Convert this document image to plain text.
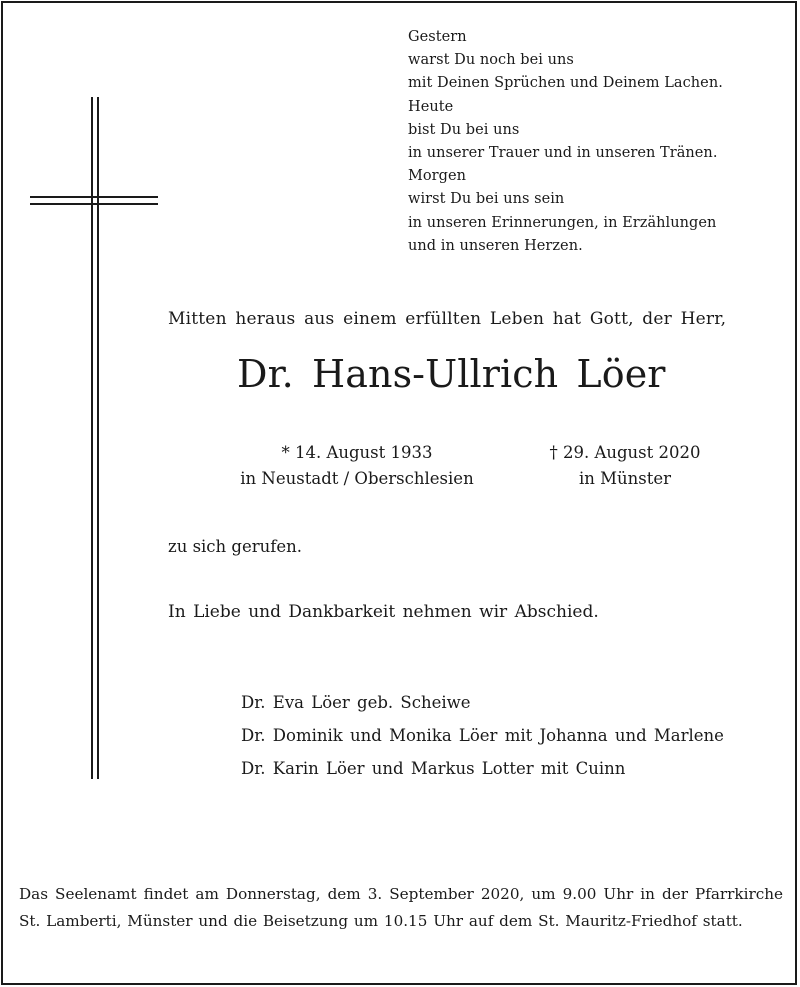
Gestern
warst Du noch bei uns
mit Deinen Sprüchen und Deinem Lachen.
Heute
bist Du bei uns
in unserer Trauer und in unseren Tränen.
Morgen
wirst Du bei uns sein
in unseren Erinnerungen, in Erzählungen
und in unseren Herzen.
Mitten heraus aus einem erfüllten Leben hat Gott, der Herr,
Dr. Hans-Ullrich Löer
* 14. August 1933
in Neustadt / Oberschlesien
† 29. August 2020
in Münster
zu sich gerufen.
In Liebe und Dankbarkeit nehmen wir Abschied.
Dr. Eva Löer geb. Scheiwe
Dr. Dominik und Monika Löer mit Johanna und Marlene
Dr. Karin Löer und Markus Lotter mit Cuinn
Das Seelenamt findet am Donnerstag, dem 3. September 2020, um 9.00 Uhr in der Pfarrkirche St. Lamberti, Münster und die Beisetzung um 10.15 Uhr auf dem St. Mauritz-Friedhof statt.
